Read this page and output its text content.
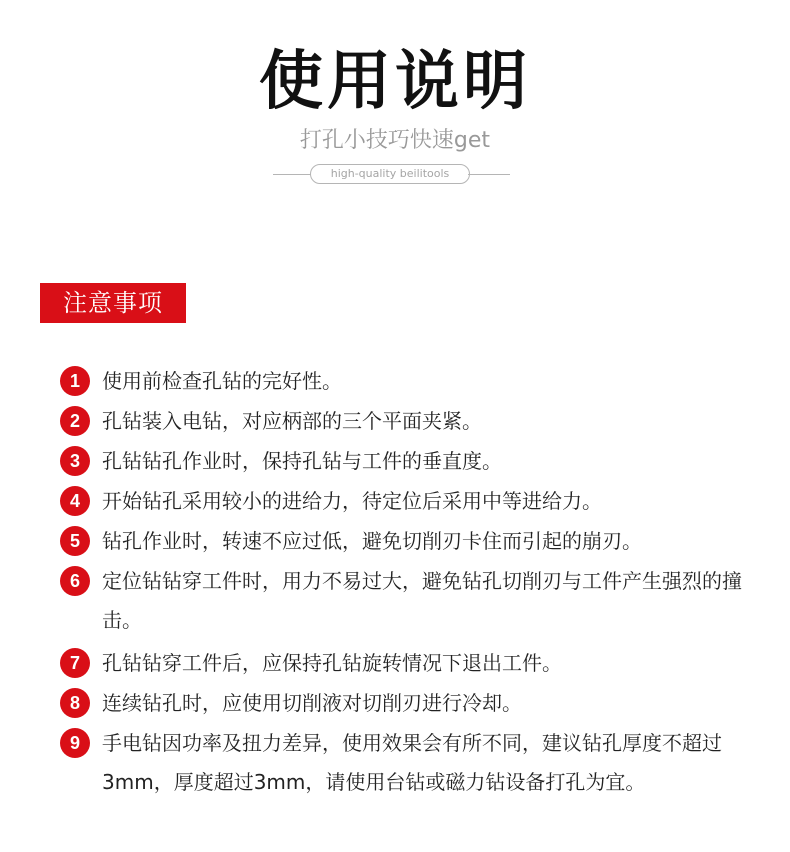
使用说明
打孔小技巧快速get
high-quality beilitools
注意事项
1	使用前检查孔钻的完好性。
2	孔钻装入电钻，对应柄部的三个平面夹紧。
3	孔钻钻孔作业时，保持孔钻与工件的垂直度。
4	开始钻孔采用较小的进给力，待定位后采用中等进给力。
5	钻孔作业时，转速不应过低，避免切削刃卡住而引起的崩刃。
6	定位钻钻穿工件时，用力不易过大，避免钻孔切削刃与工件产生强烈的撞击。
7	孔钻钻穿工件后，应保持孔钻旋转情况下退出工件。
8	连续钻孔时，应使用切削液对切削刃进行冷却。
9	手电钻因功率及扭力差异，使用效果会有所不同，建议钻孔厚度不超过3mm，厚度超过3mm，请使用台钻或磁力钻设备打孔为宜。
